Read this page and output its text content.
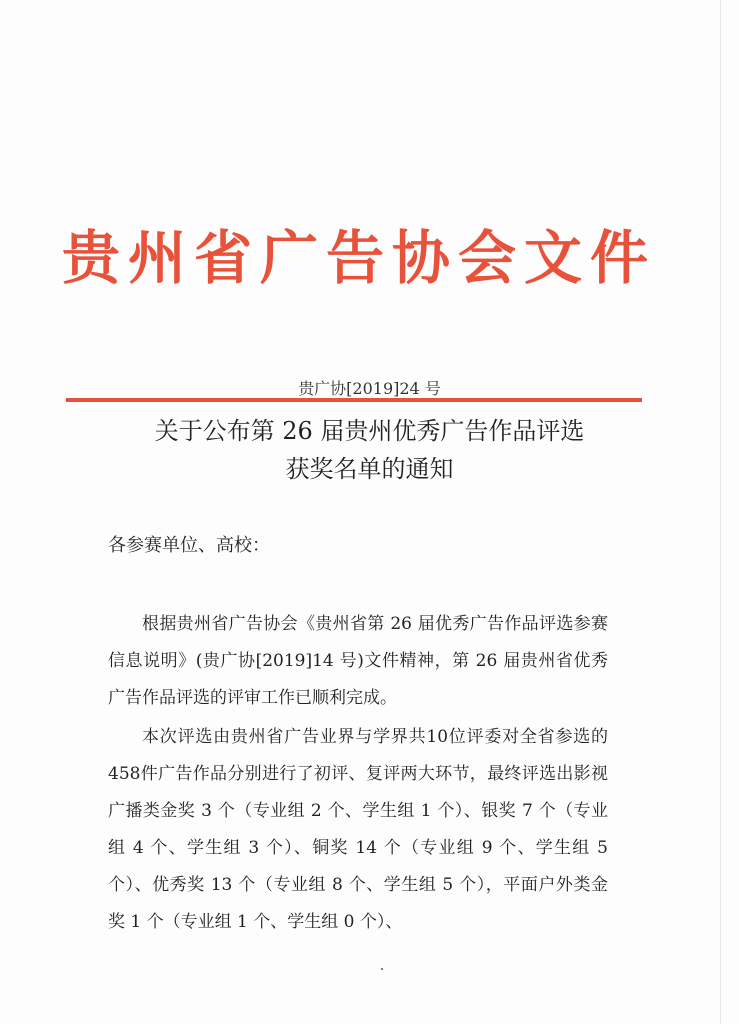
贵州省广告协会文件
贵广协[2019]24 号
关于公布第 26 届贵州优秀广告作品评选
获奖名单的通知
各参赛单位、高校：

根据贵州省广告协会《贵州省第 26 届优秀广告作品评选参赛信息说明》(贵广协[2019]14 号)文件精神，第 26 届贵州省优秀广告作品评选的评审工作已顺利完成。

本次评选由贵州省广告业界与学界共10位评委对全省参选的458件广告作品分别进行了初评、复评两大环节，最终评选出影视广播类金奖 3 个（专业组 2 个、学生组 1 个）、银奖 7 个（专业组 4 个、学生组 3 个）、铜奖 14 个（专业组 9 个、学生组 5 个）、优秀奖 13 个（专业组 8 个、学生组 5 个），平面户外类金奖 1 个（专业组 1 个、学生组 0 个）、
